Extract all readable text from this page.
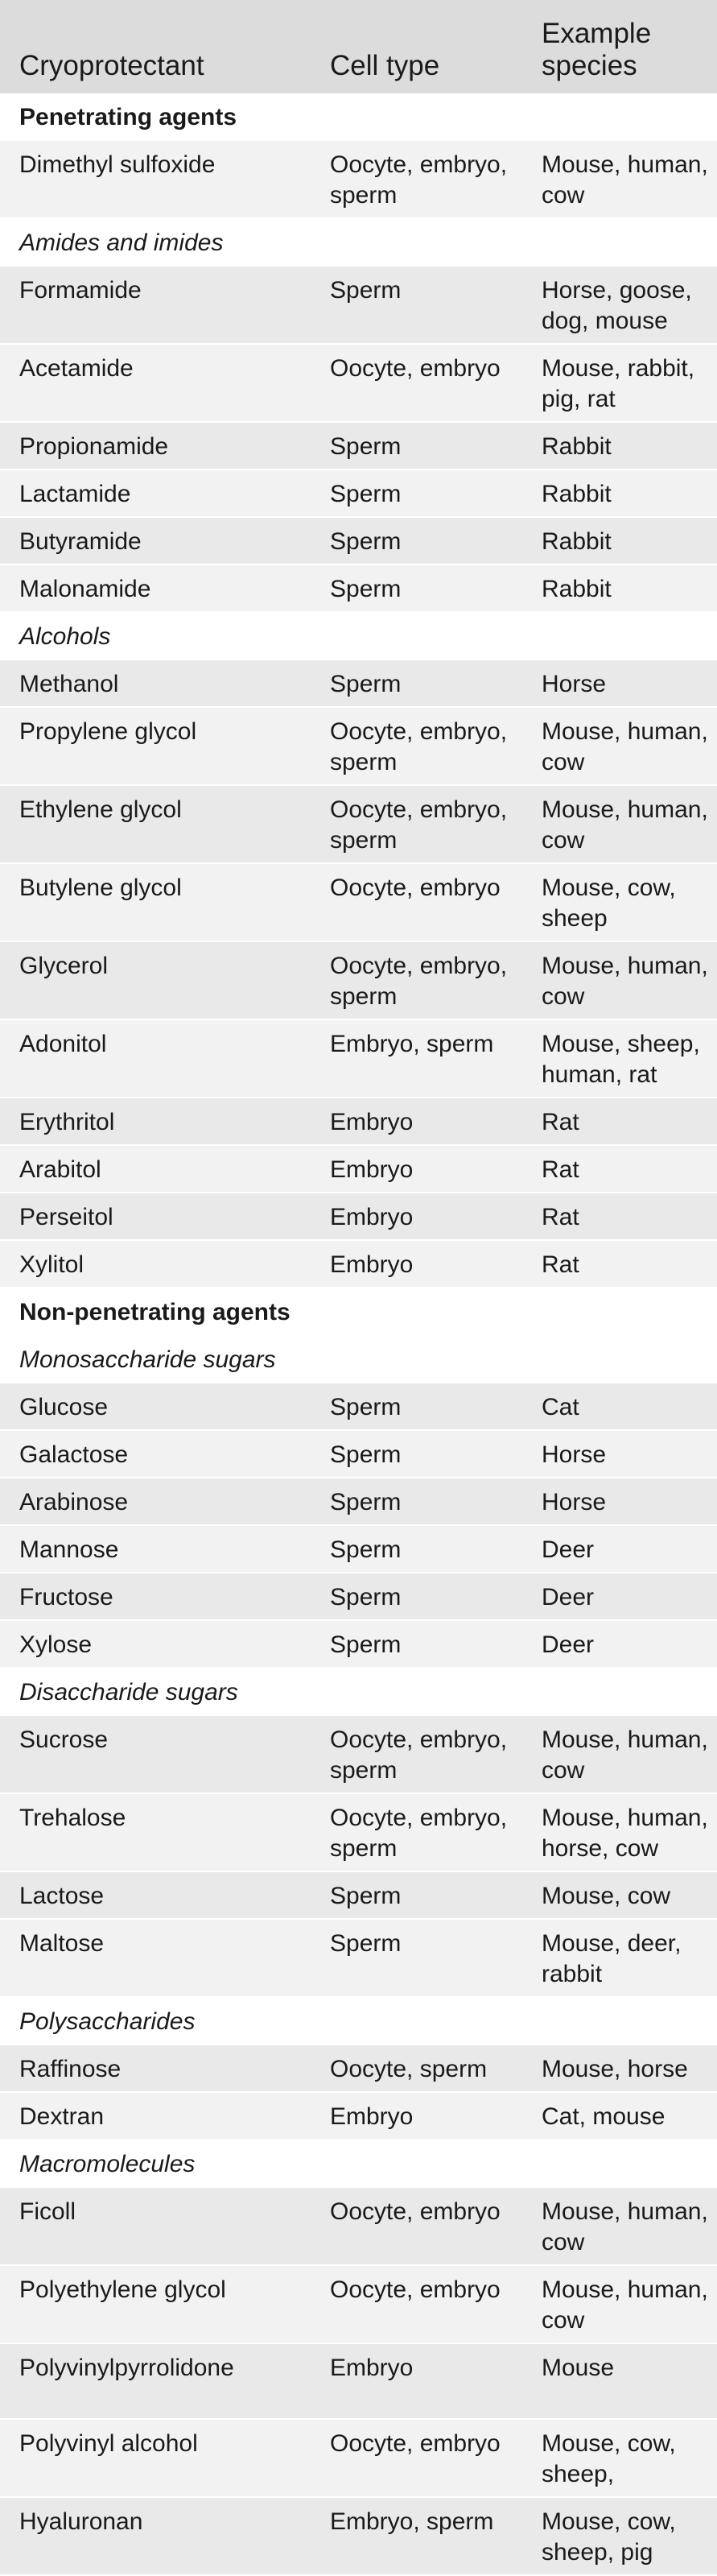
Cryoprotectant	Cell type	Example species
Penetrating agents		
Dimethyl sulfoxide	Oocyte, embryo, sperm	Mouse, human, cow
Amides and imides		
Formamide	Sperm	Horse, goose, dog, mouse
Acetamide	Oocyte, embryo	Mouse, rabbit, pig, rat
Propionamide	Sperm	Rabbit
Lactamide	Sperm	Rabbit
Butyramide	Sperm	Rabbit
Malonamide	Sperm	Rabbit
Alcohols		
Methanol	Sperm	Horse
Propylene glycol	Oocyte, embryo, sperm	Mouse, human, cow
Ethylene glycol	Oocyte, embryo, sperm	Mouse, human, cow
Butylene glycol	Oocyte, embryo	Mouse, cow, sheep
Glycerol	Oocyte, embryo, sperm	Mouse, human, cow
Adonitol	Embryo, sperm	Mouse, sheep, human, rat
Erythritol	Embryo	Rat
Arabitol	Embryo	Rat
Perseitol	Embryo	Rat
Xylitol	Embryo	Rat
Non-penetrating agents		
Monosaccharide sugars		
Glucose	Sperm	Cat
Galactose	Sperm	Horse
Arabinose	Sperm	Horse
Mannose	Sperm	Deer
Fructose	Sperm	Deer
Xylose	Sperm	Deer
Disaccharide sugars		
Sucrose	Oocyte, embryo, sperm	Mouse, human, cow
Trehalose	Oocyte, embryo, sperm	Mouse, human, horse, cow
Lactose	Sperm	Mouse, cow
Maltose	Sperm	Mouse, deer, rabbit
Polysaccharides		
Raffinose	Oocyte, sperm	Mouse, horse
Dextran	Embryo	Cat, mouse
Macromolecules		
Ficoll	Oocyte, embryo	Mouse, human, cow
Polyethylene glycol	Oocyte, embryo	Mouse, human, cow
Polyvinylpyrrolidone	Embryo	Mouse
Polyvinyl alcohol	Oocyte, embryo	Mouse, cow, sheep,
Hyaluronan	Embryo, sperm	Mouse, cow, sheep, pig
